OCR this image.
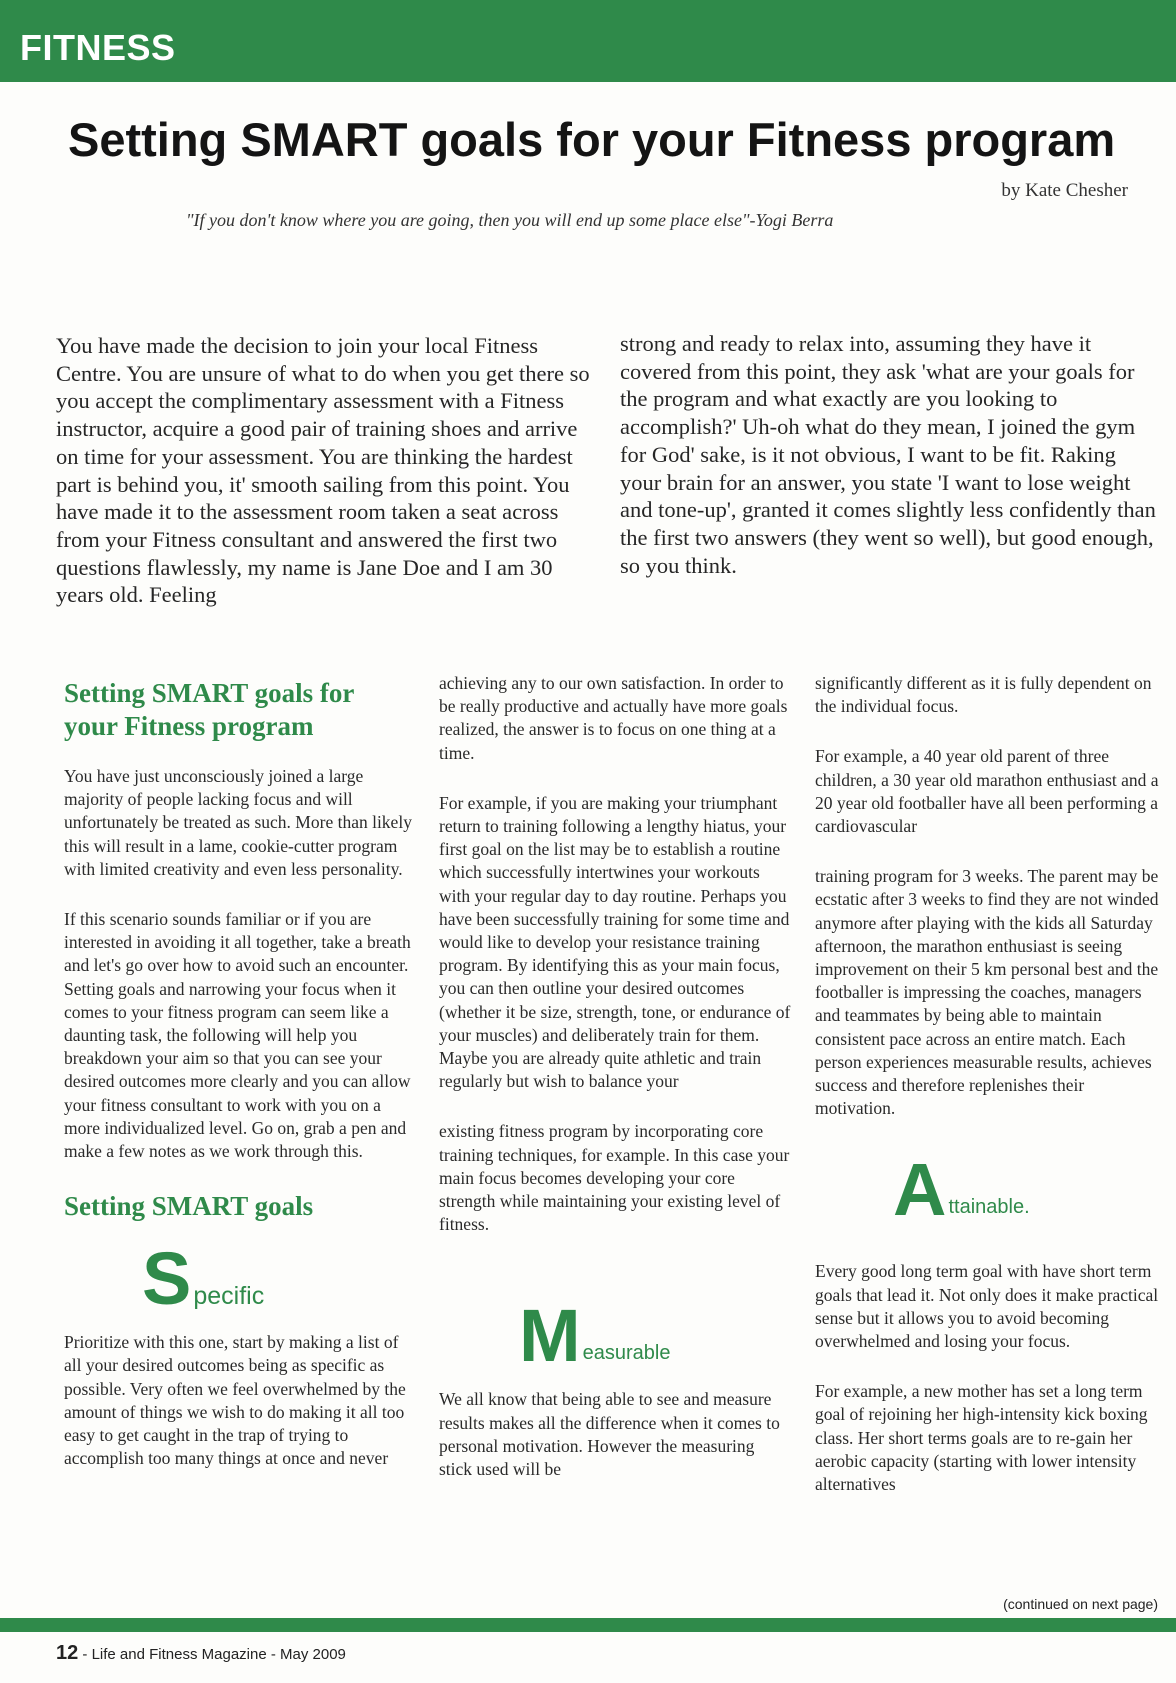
FITNESS
Setting SMART goals for your Fitness program
by Kate Chesher
"If you don't know where you are going, then you will end up some place else"-Yogi Berra

You have made the decision to join your local Fitness Centre. You are unsure of what to do when you get there so you accept the complimentary assessment with a Fitness instructor, acquire a good pair of training shoes and arrive on time for your assessment. You are thinking the hardest part is behind you, it' smooth sailing from this point. You have made it to the assessment room taken a seat across from your Fitness consultant and answered the first two questions flawlessly, my name is Jane Doe and I am 30 years old. Feeling

strong and ready to relax into, assuming they have it covered from this point, they ask 'what are your goals for the program and what exactly are you looking to accomplish?' Uh-oh what do they mean, I joined the gym for God' sake, is it not obvious, I want to be fit. Raking your brain for an answer, you state 'I want to lose weight and tone-up', granted it comes slightly less confidently than the first two answers (they went so well), but good enough, so you think.

Setting SMART goals for your Fitness program

You have just unconsciously joined a large majority of people lacking focus and will unfortunately be treated as such. More than likely this will result in a lame, cookie-cutter program with limited creativity and even less personality.

If this scenario sounds familiar or if you are interested in avoiding it all together, take a breath and let's go over how to avoid such an encounter. Setting goals and narrowing your focus when it comes to your fitness program can seem like a daunting task, the following will help you breakdown your aim so that you can see your desired outcomes more clearly and you can allow your fitness consultant to work with you on a more individualized level. Go on, grab a pen and make a few notes as we work through this.

Setting SMART goals
S pecific

Prioritize with this one, start by making a list of all your desired outcomes being as specific as possible. Very often we feel overwhelmed by the amount of things we wish to do making it all too easy to get caught in the trap of trying to accomplish too many things at once and never

achieving any to our own satisfaction. In order to be really productive and actually have more goals realized, the answer is to focus on one thing at a time.

For example, if you are making your triumphant return to training following a lengthy hiatus, your first goal on the list may be to establish a routine which successfully intertwines your workouts with your regular day to day routine. Perhaps you have been successfully training for some time and would like to develop your resistance training program. By identifying this as your main focus, you can then outline your desired outcomes (whether it be size, strength, tone, or endurance of your muscles) and deliberately train for them.

Maybe you are already quite athletic and train regularly but wish to balance your

existing fitness program by incorporating core training techniques, for example. In this case your main focus becomes developing your core strength while maintaining your existing level of fitness.

M easurable

We all know that being able to see and measure results makes all the difference when it comes to personal motivation. However the measuring stick used will be

significantly different as it is fully dependent on the individual focus.

For example, a 40 year old parent of three children, a 30 year old marathon enthusiast and a 20 year old footballer have all been performing a cardiovascular

training program for 3 weeks. The parent may be ecstatic after 3 weeks to find they are not winded anymore after playing with the kids all Saturday afternoon, the marathon enthusiast is seeing improvement on their 5 km personal best and the footballer is impressing the coaches, managers and teammates by being able to maintain consistent pace across an entire match. Each person experiences measurable results, achieves success and therefore replenishes their motivation.

A ttainable.

Every good long term goal with have short term goals that lead it. Not only does it make practical sense but it allows you to avoid becoming overwhelmed and losing your focus.

For example, a new mother has set a long term goal of rejoining her high-intensity kick boxing class. Her short terms goals are to re-gain her aerobic capacity (starting with lower intensity alternatives

(continued on next page)
12 - Life and Fitness Magazine - May 2009
